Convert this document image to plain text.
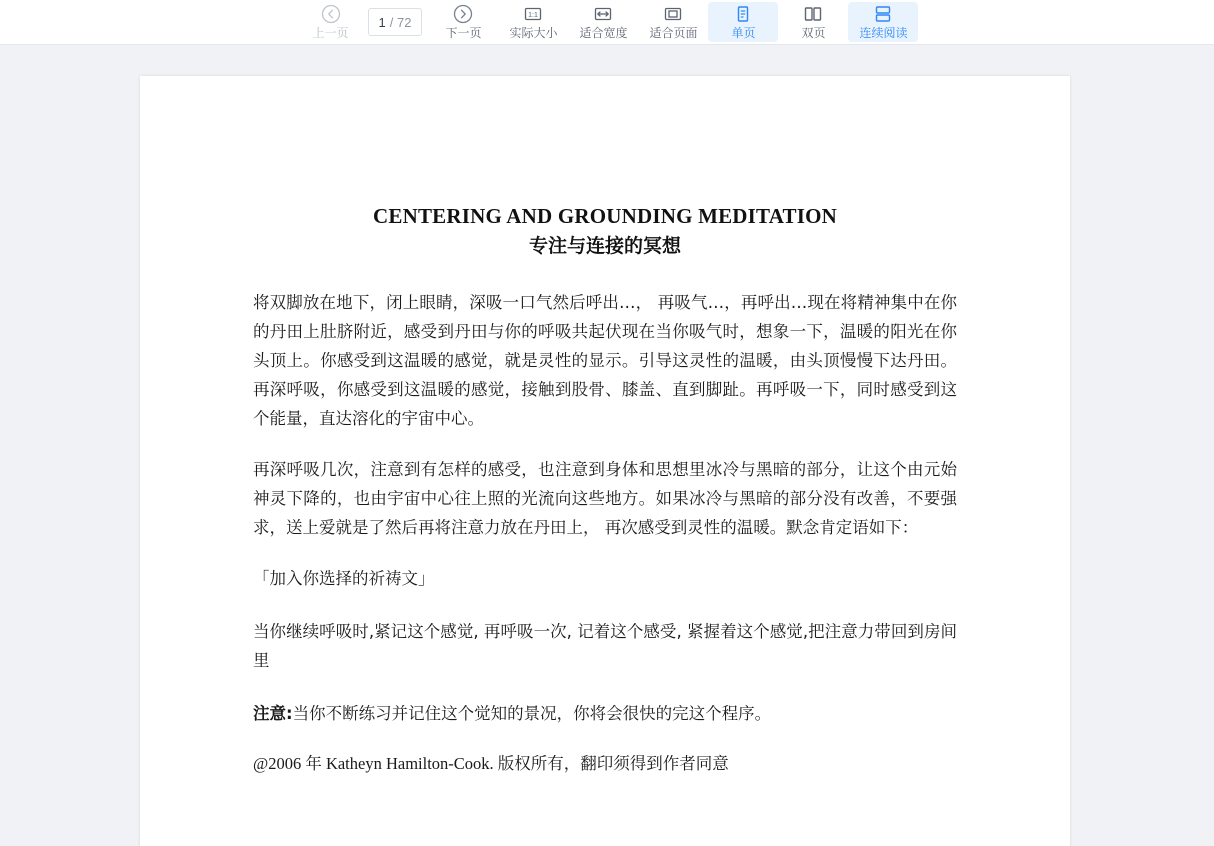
上一页
1 / 72
下一页
1:1
实际大小 适合宽度 适合页面	单页	双页	连续阅读
CENTERING AND GROUNDING MEDITATION
专注与连接的冥想

将双脚放在地下，闭上眼睛，深吸一口气然后呼出…， 再吸气…，再呼出…现在将精神集中在你的丹田上肚脐附近，感受到丹田与你的呼吸共起伏现在当你吸气时，想象一下，温暖的阳光在你头顶上。你感受到这温暖的感觉，就是灵性的显示。引导这灵性的温暖，由头顶慢慢下达丹田。再深呼吸，你感受到这温暖的感觉，接触到股骨、膝盖、直到脚趾。再呼吸一下，同时感受到这个能量，直达溶化的宇宙中心。

再深呼吸几次，注意到有怎样的感受，也注意到身体和思想里冰冷与黑暗的部分，让这个由元始神灵下降的，也由宇宙中心往上照的光流向这些地方。如果冰冷与黑暗的部分没有改善，不要强求，送上爱就是了然后再将注意力放在丹田上， 再次感受到灵性的温暖。默念肯定语如下：

「加入你选择的祈祷文」

当你继续呼吸时,紧记这个感觉, 再呼吸一次, 记着这个感受, 紧握着这个感觉,把注意力带回到房间里

注意:当你不断练习并记住这个觉知的景况，你将会很快的完这个程序。

@2006 年 Katheyn Hamilton-Cook. 版权所有，翻印须得到作者同意
